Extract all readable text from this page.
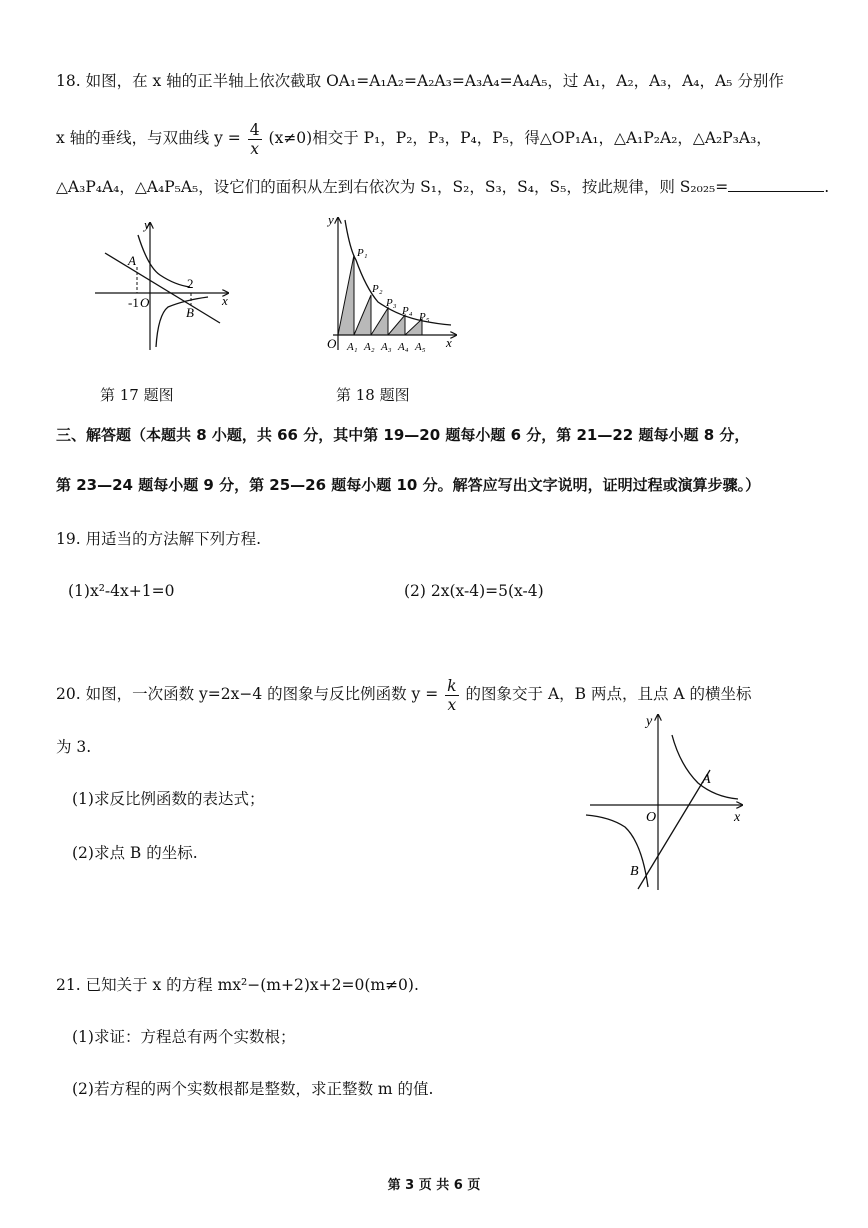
18. 如图，在 x 轴的正半轴上依次截取 OA₁=A₁A₂=A₂A₃=A₃A₄=A₄A₅，过 A₁，A₂，A₃，A₄，A₅ 分别作
x 轴的垂线，与双曲线 $y = \frac{4}{x} (x\ne 0)$相交于 P₁，P₂，P₃，P₄，P₅，得△OP₁A₁，△A₁P₂A₂，△A₂P₃A₃，
△A₃P₄A₄，△A₄P₅A₅，设它们的面积从左到右依次为 S₁，S₂，S₃，S₄，S₅，按此规律，则 S₂₀₂₅=	.
y
x
A
B
-1 O
2
y
x
O
P₁
P₂
P₃
P₄ P₅
A₁ A₂ A₃ A₄ A₅
第 17 题图	第 18 题图
三、解答题（本题共 8 小题，共 66 分，其中第 19—20 题每小题 6 分，第 21—22 题每小题 8 分，
第 23—24 题每小题 9 分，第 25—26 题每小题 10 分。解答应写出文字说明，证明过程或演算步骤。）
19. 用适当的方法解下列方程.
(1)x²-4x+1=0	(2) 2x(x-4)=5(x-4)
20. 如图，一次函数 y=2x−4 的图象与反比例函数 $y = \frac{k}{x}$ 的图象交于 A，B 两点，且点 A 的横坐标
为 3.
(1)求反比例函数的表达式；
(2)求点 B 的坐标.
y
x
O
A
B
21. 已知关于 x 的方程 mx²−(m+2)x+2=0(m≠0).
(1)求证：方程总有两个实数根；
(2)若方程的两个实数根都是整数，求正整数 m 的值.
第 3 页 共 6 页
